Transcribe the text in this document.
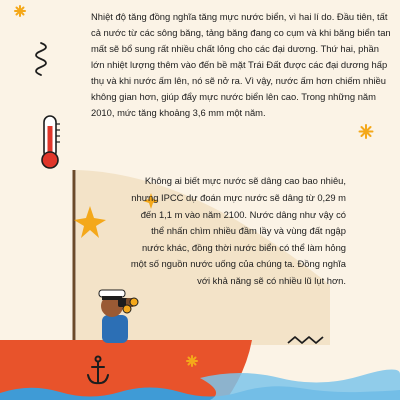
Nhiệt độ tăng đồng nghĩa tăng mực nước biển, vì hai lí do. Đầu tiên, tất cả nước từ các sông băng, tảng băng đang co cụm và khi băng biển tan mất sẽ bổ sung rất nhiều chất lỏng cho các đại dương. Thứ hai, phần lớn nhiệt lượng thêm vào đến bề mặt Trái Đất được các đại dương hấp thụ và khi nước ấm lên, nó sẽ nở ra. Vì vậy, nước ấm hơn chiếm nhiều không gian hơn, giúp đẩy mực nước biển lên cao. Trong những năm 2010, mức tăng khoảng 3,6 mm một năm.

Không ai biết mực nước sẽ dâng cao bao nhiêu, nhưng IPCC dự đoán mực nước sẽ dâng từ 0,29 m đến 1,1 m vào năm 2100. Nước dâng như vậy có thể nhấn chìm nhiều đầm lầy và vùng đất ngập nước khác, đồng thời nước biển có thể làm hỏng một số nguồn nước uống của chúng ta. Đồng nghĩa với khả năng sẽ có nhiều lũ lụt hơn.
